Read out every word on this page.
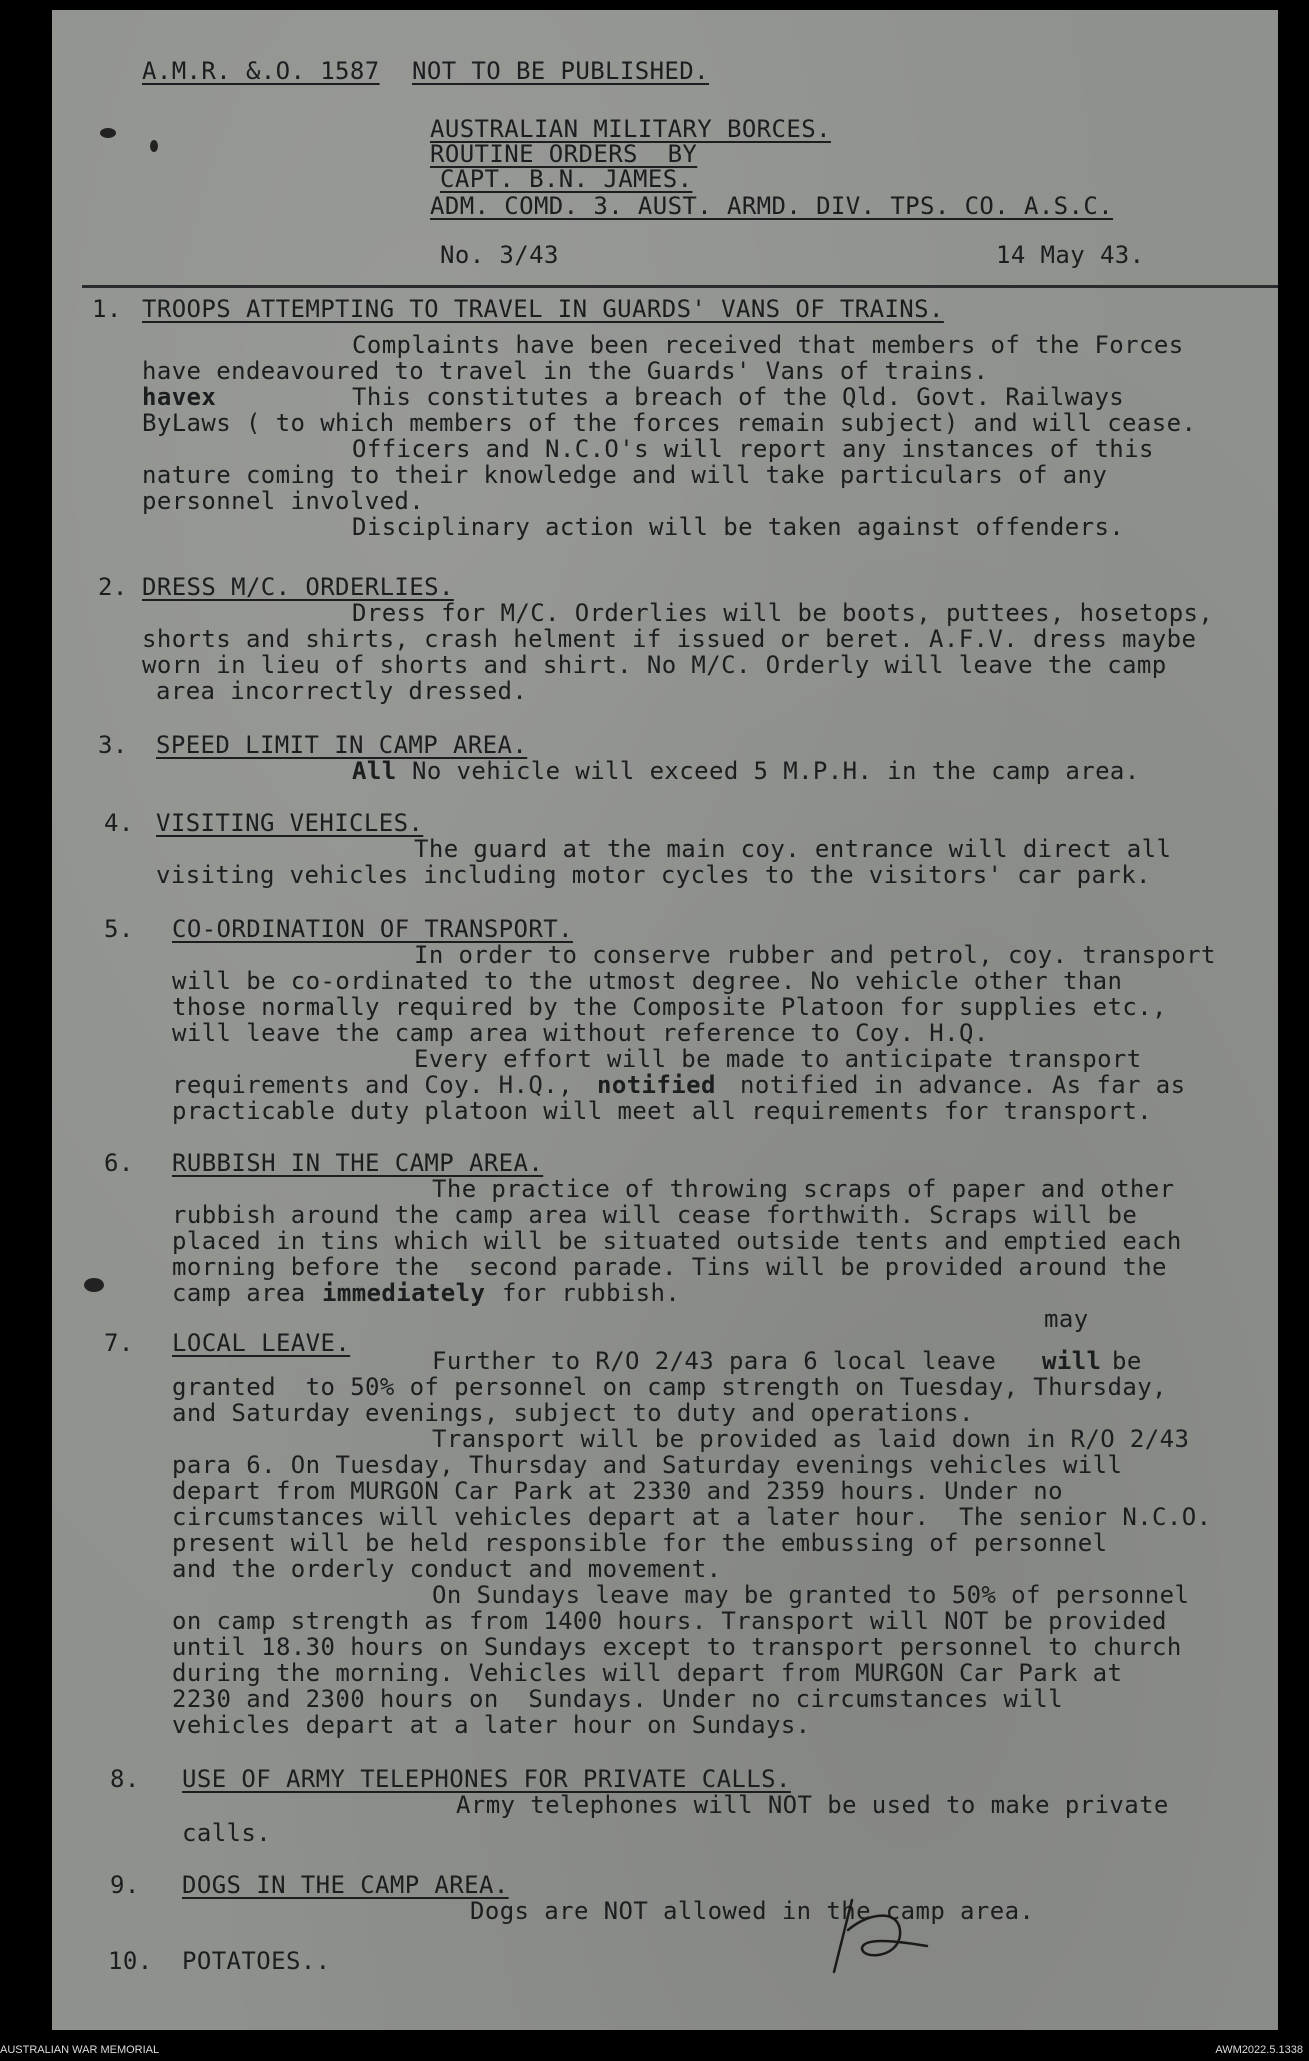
A.M.R. &.O. 1587 NOT TO BE PUBLISHED.
AUSTRALIAN MILITARY BORCES.
ROUTINE ORDERS  BY
CAPT. B.N. JAMES.
ADM. COMD. 3. AUST. ARMD. DIV. TPS. CO. A.S.C.
No. 3/43	14 May 43.
1. TROOPS ATTEMPTING TO TRAVEL IN GUARDS' VANS OF TRAINS.
Complaints have been received that members of the Forces
have endeavoured to travel in the Guards' Vans of trains.
havex	This constitutes a breach of the Qld. Govt. Railways
ByLaws ( to which members of the forces remain subject) and will cease.
Officers and N.C.O's will report any instances of this
nature coming to their knowledge and will take particulars of any
personnel involved.
Disciplinary action will be taken against offenders.
2. DRESS M/C. ORDERLIES.
Dress for M/C. Orderlies will be boots, puttees, hosetops,
shorts and shirts, crash helment if issued or beret. A.F.V. dress maybe
worn in lieu of shorts and shirt. No M/C. Orderly will leave the camp
area incorrectly dressed.
3. SPEED LIMIT IN CAMP AREA.
All No vehicle will exceed 5 M.P.H. in the camp area.
4. VISITING VEHICLES.
The guard at the main coy. entrance will direct all
visiting vehicles including motor cycles to the visitors' car park.
5. CO-ORDINATION OF TRANSPORT.
In order to conserve rubber and petrol, coy. transport
will be co-ordinated to the utmost degree. No vehicle other than
those normally required by the Composite Platoon for supplies etc.,
will leave the camp area without reference to Coy. H.Q.
Every effort will be made to anticipate transport
requirements and Coy. H.Q., notified notified in advance. As far as
practicable duty platoon will meet all requirements for transport.
6. RUBBISH IN THE CAMP AREA.
The practice of throwing scraps of paper and other
rubbish around the camp area will cease forthwith. Scraps will be
placed in tins which will be situated outside tents and emptied each
morning before the  second parade. Tins will be provided around the
camp area immediately for rubbish.
7. LOCAL LEAVE.
may
Further to R/O 2/43 para 6 local leave will be
granted  to 50% of personnel on camp strength on Tuesday, Thursday,
and Saturday evenings, subject to duty and operations.
Transport will be provided as laid down in R/O 2/43
para 6. On Tuesday, Thursday and Saturday evenings vehicles will
depart from MURGON Car Park at 2330 and 2359 hours. Under no
circumstances will vehicles depart at a later hour.  The senior N.C.O.
present will be held responsible for the embussing of personnel
and the orderly conduct and movement.
On Sundays leave may be granted to 50% of personnel
on camp strength as from 1400 hours. Transport will NOT be provided
until 18.30 hours on Sundays except to transport personnel to church
during the morning. Vehicles will depart from MURGON Car Park at
2230 and 2300 hours on  Sundays. Under no circumstances will
vehicles depart at a later hour on Sundays.
8. USE OF ARMY TELEPHONES FOR PRIVATE CALLS.
Army telephones will NOT be used to make private
calls.
9. DOGS IN THE CAMP AREA.
Dogs are NOT allowed in the camp area.
10. POTATOES..
AUSTRALIAN WAR MEMORIAL	AWM2022.5.1338
